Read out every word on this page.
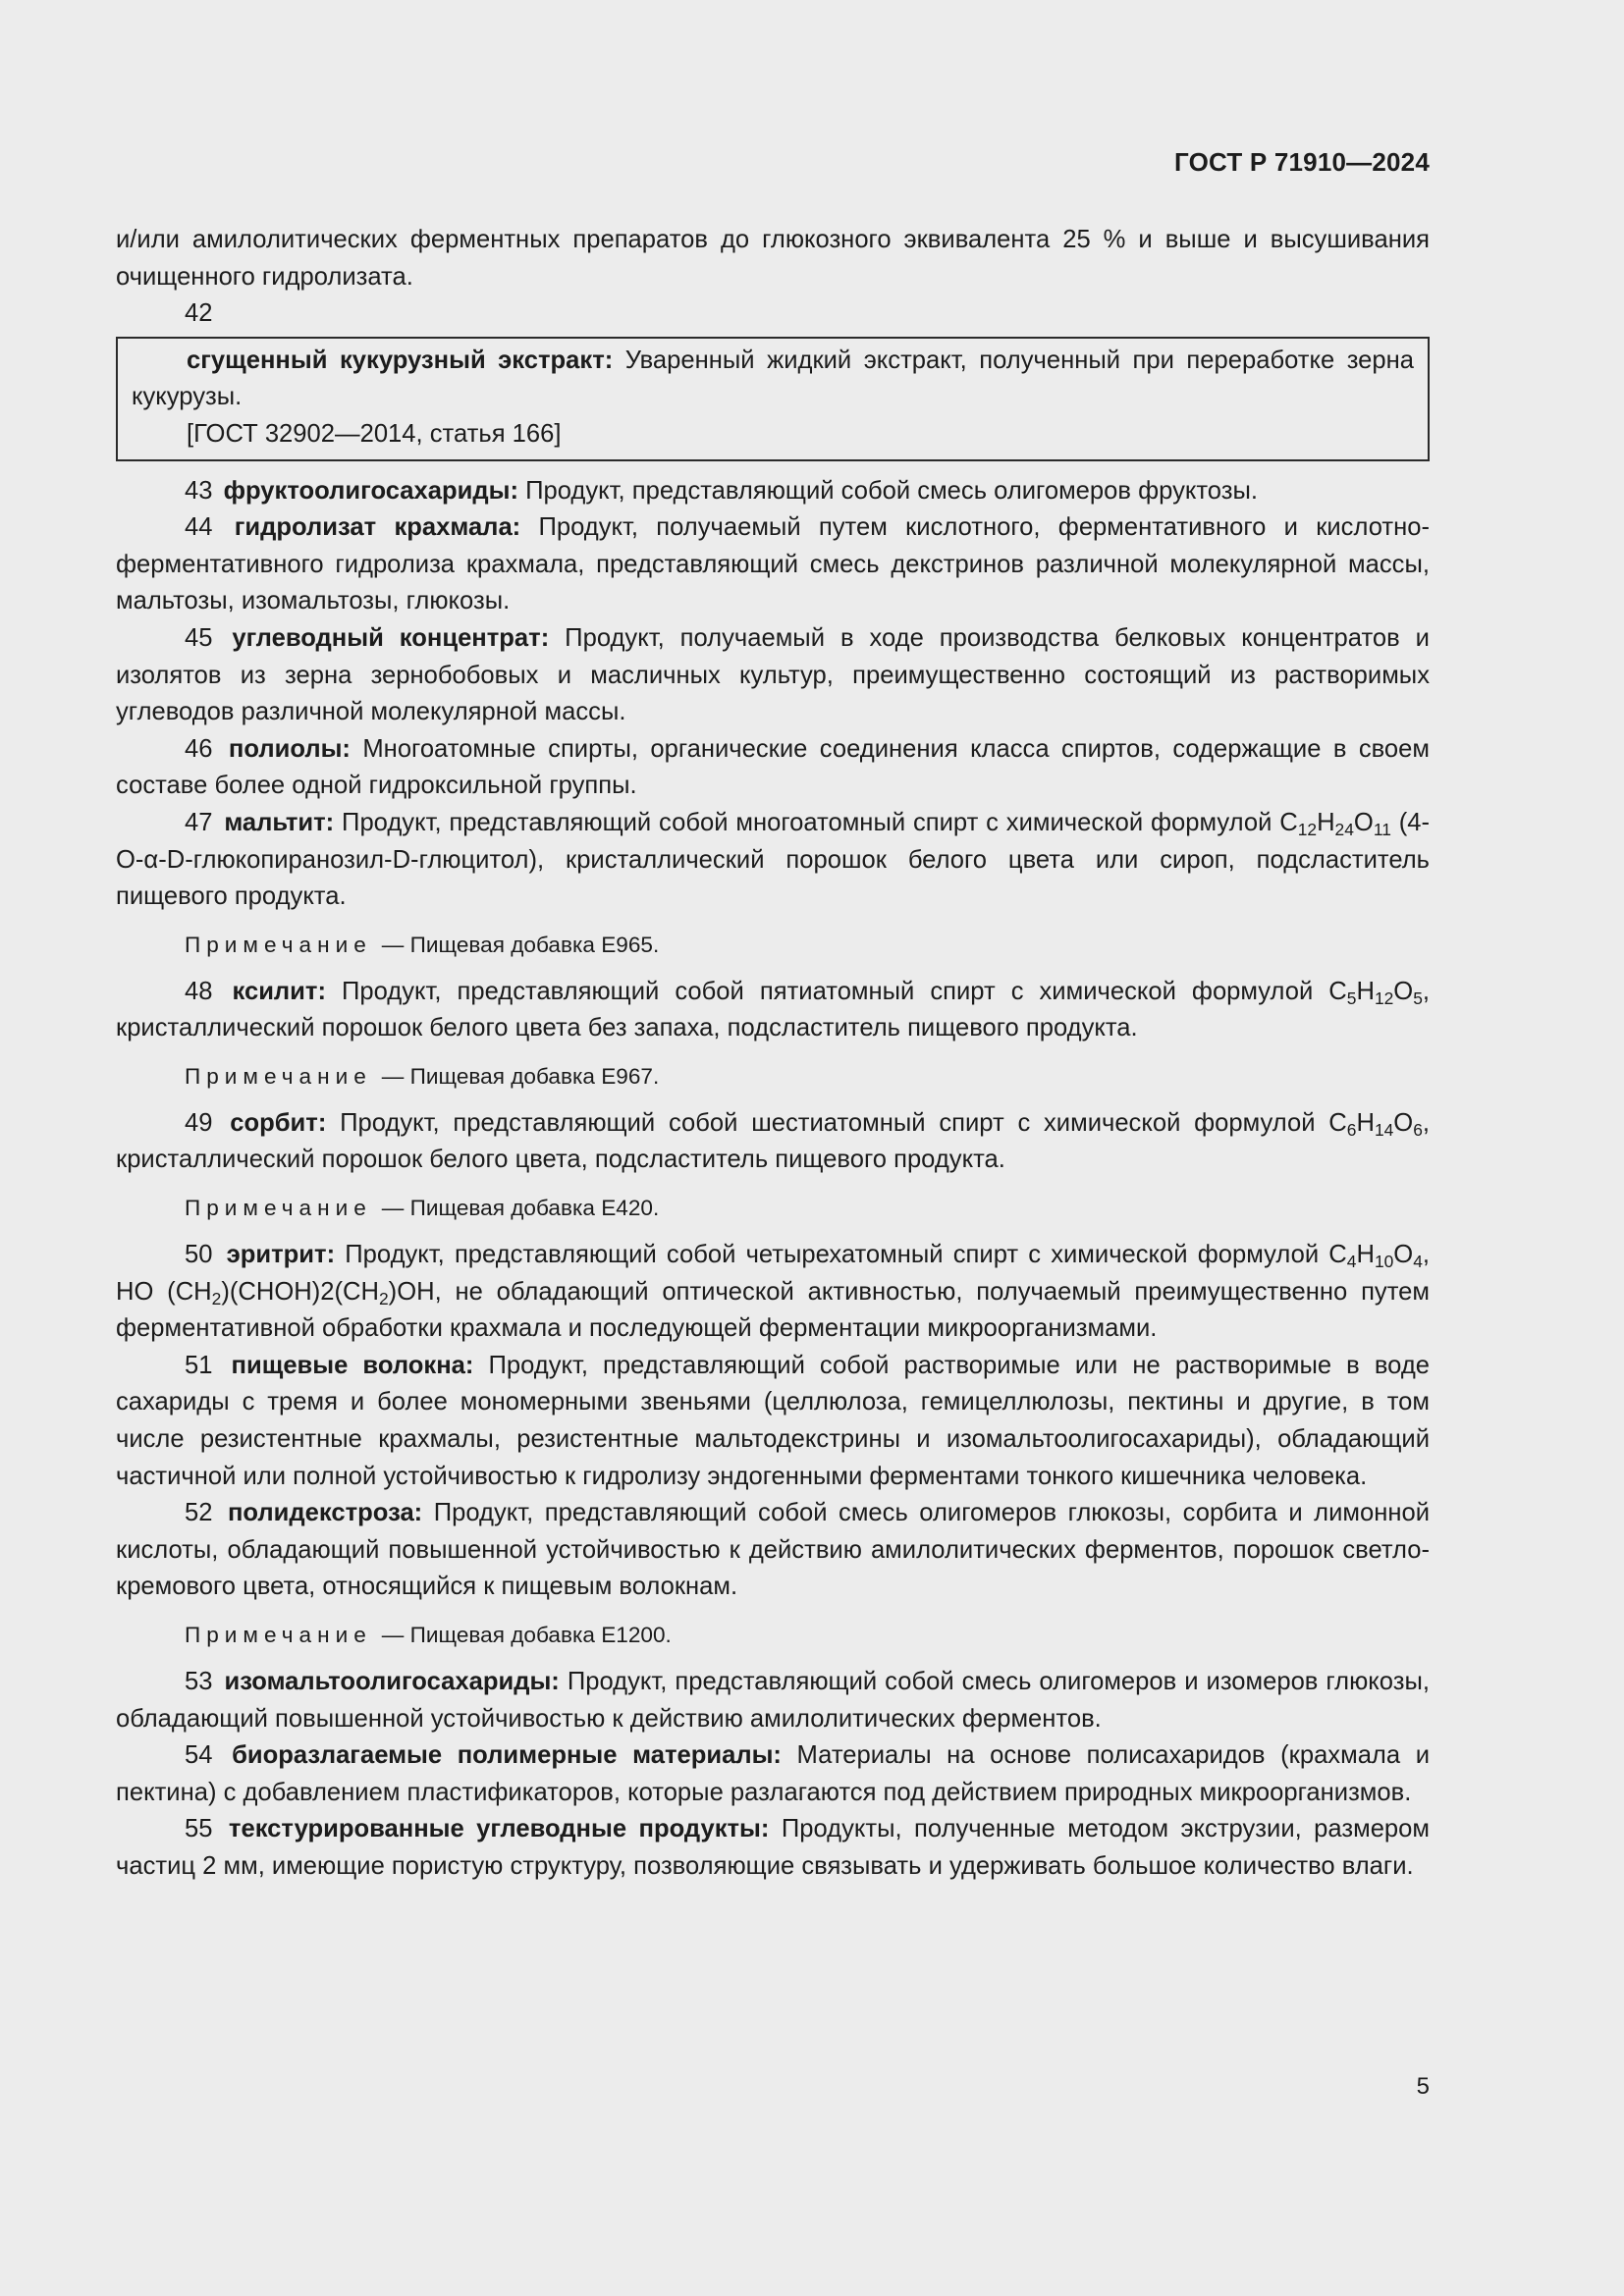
ГОСТ Р 71910—2024

и/или амилолитических ферментных препаратов до глюкозного эквивалента 25 % и выше и высушивания очищенного гидролизата.

42

сгущенный кукурузный экстракт: Уваренный жидкий экстракт, полученный при переработке зерна кукурузы.

[ГОСТ 32902—2014, статья 166]

43 фруктоолигосахариды: Продукт, представляющий собой смесь олигомеров фруктозы.

44 гидролизат крахмала: Продукт, получаемый путем кислотного, ферментативного и кислотно-ферментативного гидролиза крахмала, представляющий смесь декстринов различной молекулярной массы, мальтозы, изомальтозы, глюкозы.

45 углеводный концентрат: Продукт, получаемый в ходе производства белковых концентратов и изолятов из зерна зернобобовых и масличных культур, преимущественно состоящий из растворимых углеводов различной молекулярной массы.

46 полиолы: Многоатомные спирты, органические соединения класса спиртов, содержащие в своем составе более одной гидроксильной группы.

47 мальтит: Продукт, представляющий собой многоатомный спирт с химической формулой $C_{12}H_{24}O_{11}$ (4-O-α-D-глюкопиранозил-D-глюцитол), кристаллический порошок белого цвета или сироп, подсластитель пищевого продукта.

Примечание — Пищевая добавка E965.

48 ксилит: Продукт, представляющий собой пятиатомный спирт с химической формулой $C_5H_{12}O_5$, кристаллический порошок белого цвета без запаха, подсластитель пищевого продукта.

Примечание — Пищевая добавка E967.

49 сорбит: Продукт, представляющий собой шестиатомный спирт с химической формулой $C_6H_{14}O_6$, кристаллический порошок белого цвета, подсластитель пищевого продукта.

Примечание — Пищевая добавка E420.

50 эритрит: Продукт, представляющий собой четырехатомный спирт с химической формулой $C_4H_{10}O_4$, HO $(CH_2)(CHOH)2(CH_2)OH$, не обладающий оптической активностью, получаемый преимущественно путем ферментативной обработки крахмала и последующей ферментации микроорганизмами.

51 пищевые волокна: Продукт, представляющий собой растворимые или не растворимые в воде сахариды с тремя и более мономерными звеньями (целлюлоза, гемицеллюлозы, пектины и другие, в том числе резистентные крахмалы, резистентные мальтодекстрины и изомальтоолигосахариды), обладающий частичной или полной устойчивостью к гидролизу эндогенными ферментами тонкого кишечника человека.

52 полидекстроза: Продукт, представляющий собой смесь олигомеров глюкозы, сорбита и лимонной кислоты, обладающий повышенной устойчивостью к действию амилолитических ферментов, порошок светло-кремового цвета, относящийся к пищевым волокнам.

Примечание — Пищевая добавка E1200.

53 изомальтоолигосахариды: Продукт, представляющий собой смесь олигомеров и изомеров глюкозы, обладающий повышенной устойчивостью к действию амилолитических ферментов.

54 биоразлагаемые полимерные материалы: Материалы на основе полисахаридов (крахмала и пектина) с добавлением пластификаторов, которые разлагаются под действием природных микроорганизмов.

55 текстурированные углеводные продукты: Продукты, полученные методом экструзии, размером частиц 2 мм, имеющие пористую структуру, позволяющие связывать и удерживать большое количество влаги.

5
